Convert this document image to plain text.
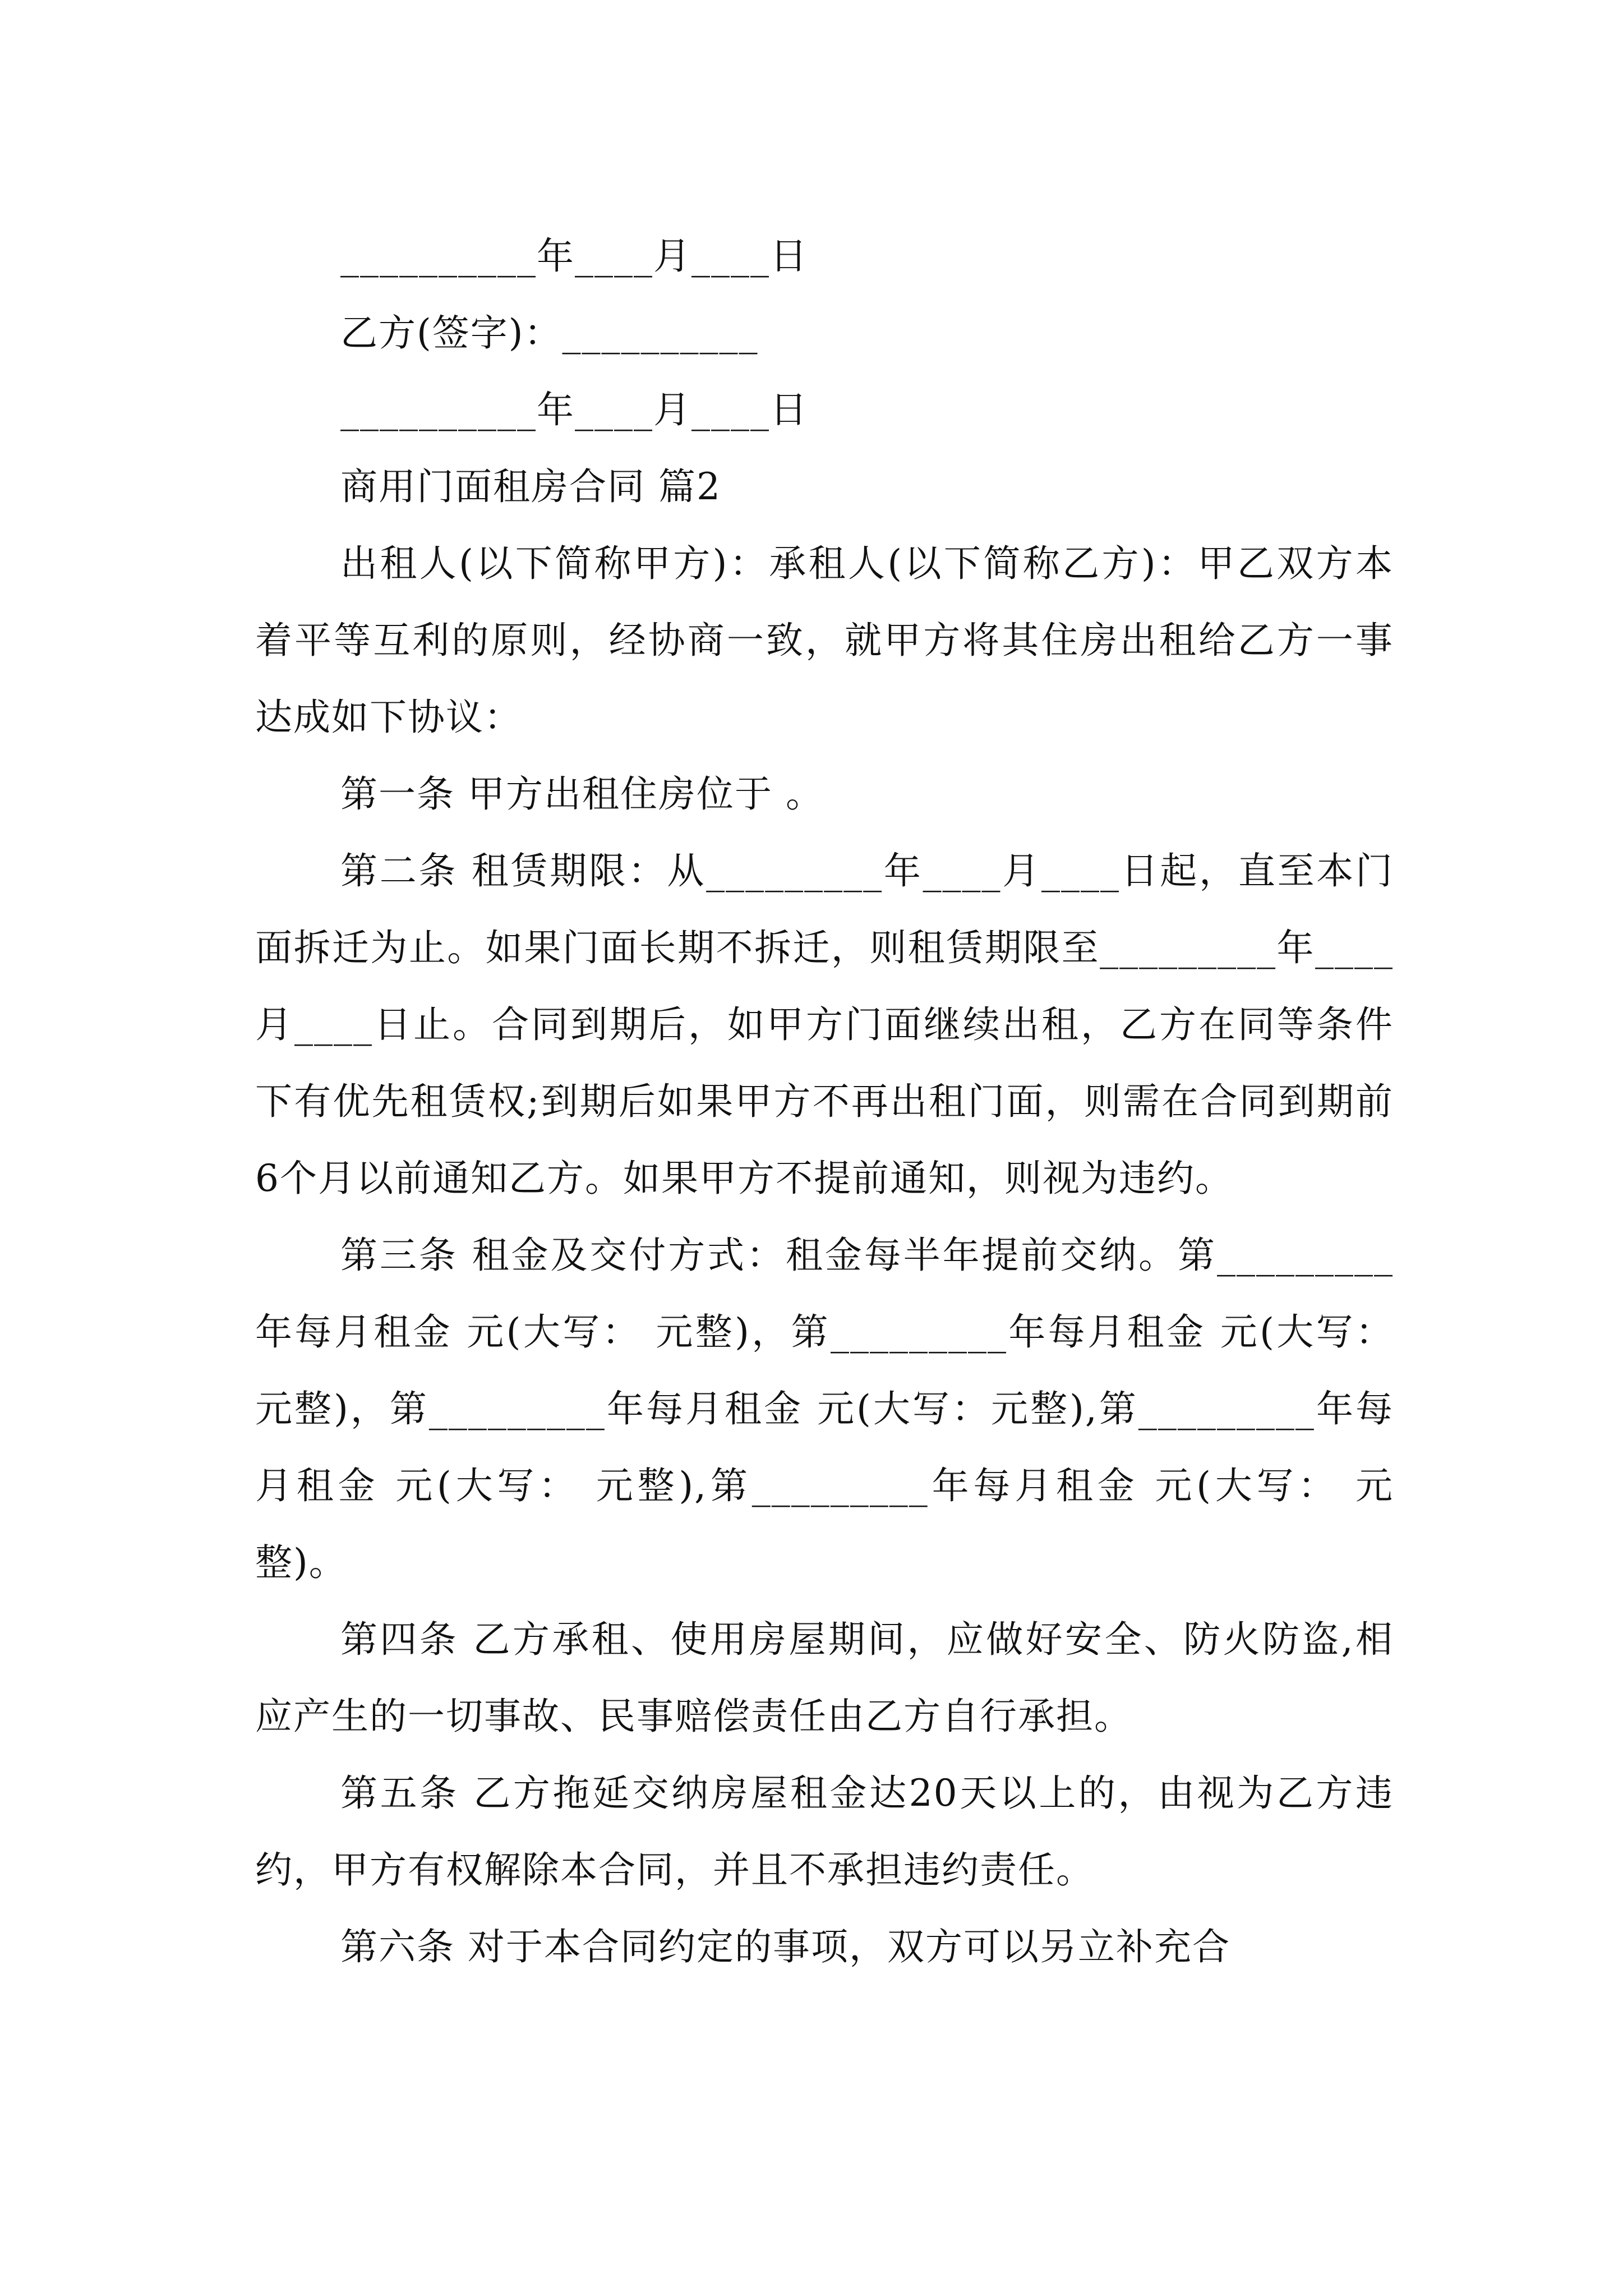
__________年____月____日

乙方(签字)：__________

__________年____月____日

商用门面租房合同 篇2

出租人(以下简称甲方)：承租人(以下简称乙方)：甲乙双方本着平等互利的原则，经协商一致，就甲方将其住房出租给乙方一事达成如下协议：

第一条 甲方出租住房位于 。

第二条 租赁期限：从_________年____月____日起，直至本门面拆迁为止。如果门面长期不拆迁，则租赁期限至_________年____月____日止。合同到期后，如甲方门面继续出租，乙方在同等条件下有优先租赁权;到期后如果甲方不再出租门面，则需在合同到期前6个月以前通知乙方。如果甲方不提前通知，则视为违约。

第三条 租金及交付方式：租金每半年提前交纳。第_________年每月租金 元(大写： 元整)，第_________年每月租金 元(大写： 元整)，第_________年每月租金 元(大写：元整),第_________年每月租金 元(大写： 元整),第_________年每月租金 元(大写： 元整)。

第四条 乙方承租、使用房屋期间，应做好安全、防火防盗,相应产生的一切事故、民事赔偿责任由乙方自行承担。

第五条 乙方拖延交纳房屋租金达20天以上的，由视为乙方违约，甲方有权解除本合同，并且不承担违约责任。

第六条 对于本合同约定的事项，双方可以另立补充合
